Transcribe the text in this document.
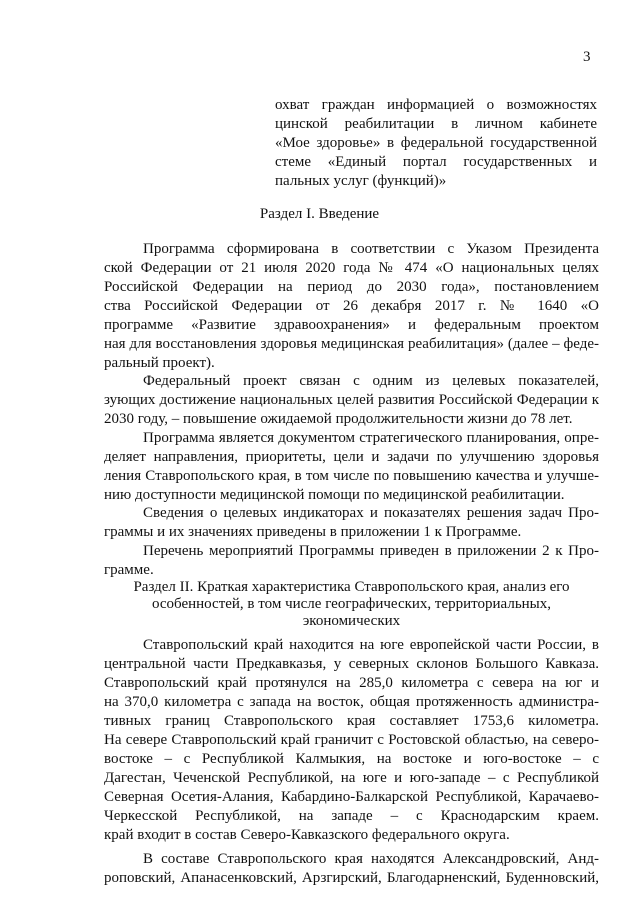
3
охват граждан информацией о возможностях
цинской реабилитации в личном кабинете
«Мое здоровье» в федеральной государственной
стеме «Единый портал государственных и
пальных услуг (функций)»
Раздел I. Введение
Программа сформирована в соответствии с Указом Президента
ской Федерации от 21 июля 2020 года № 474 «О национальных целях
Российской Федерации на период до 2030 года», постановлением
ства Российской Федерации от 26 декабря 2017 г. № 1640 «О
программе «Развитие здравоохранения» и федеральным проектом
ная для восстановления здоровья медицинская реабилитация» (далее – феде-
ральный проект).
Федеральный проект связан с одним из целевых показателей,
зующих достижение национальных целей развития Российской Федерации к
2030 году, – повышение ожидаемой продолжительности жизни до 78 лет.
Программа является документом стратегического планирования, опре-
деляет направления, приоритеты, цели и задачи по улучшению здоровья
ления Ставропольского края, в том числе по повышению качества и улучше-
нию доступности медицинской помощи по медицинской реабилитации.
Сведения о целевых индикаторах и показателях решения задач Про-
граммы и их значениях приведены в приложении 1 к Программе.
Перечень мероприятий Программы приведен в приложении 2 к Про-
грамме.
Раздел II. Краткая характеристика Ставропольского края, анализ его
особенностей, в том числе географических, территориальных,
экономических
Ставропольский край находится на юге европейской части России, в
центральной части Предкавказья, у северных склонов Большого Кавказа.
Ставропольский край протянулся на 285,0 километра с севера на юг и
на 370,0 километра с запада на восток, общая протяженность администра-
тивных границ Ставропольского края составляет 1753,6 километра.
На севере Ставропольский край граничит с Ростовской областью, на северо-
востоке – с Республикой Калмыкия, на востоке и юго-востоке – с
Дагестан, Чеченской Республикой, на юге и юго-западе – с Республикой
Северная Осетия-Алания, Кабардино-Балкарской Республикой, Карачаево-
Черкесской Республикой, на западе – с Краснодарским краем.
край входит в состав Северо-Кавказского федерального округа.
В составе Ставропольского края находятся Александровский, Анд-
роповский, Апанасенковский, Арзгирский, Благодарненский, Буденновский,
